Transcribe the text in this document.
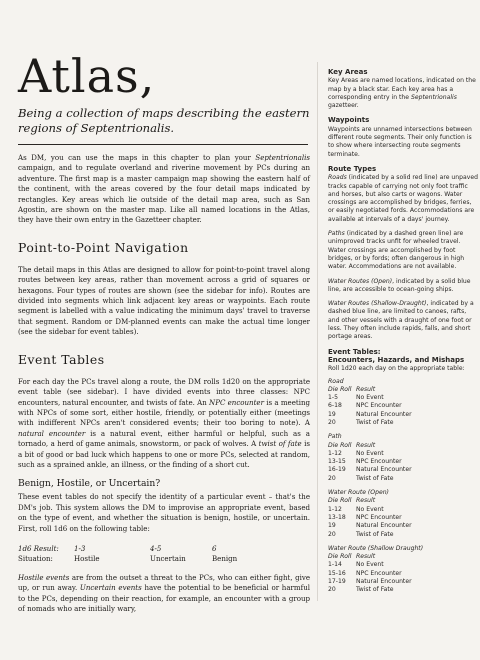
Atlas,
Being a collection of maps describing the eastern regions of Septentrionalis.

As DM, you can use the maps in this chapter to plan your Septentrionalis campaign, and to regulate overland and riverine movement by PCs during an adventure. The first map is a master campaign map showing the eastern half of the continent, with the areas covered by the four detail maps indicated by rectangles. Key areas which lie outside of the detail map area, such as San Agostin, are shown on the master map. Like all named locations in the Atlas, they have their own entry in the Gazetteer chapter.

Point-to-Point Navigation

The detail maps in this Atlas are designed to allow for point-to-point travel along routes between key areas, rather than movement across a grid of squares or hexagons. Four types of routes are shown (see the sidebar for info). Routes are divided into segments which link adjacent key areas or waypoints. Each route segment is labelled with a value indicating the minimum days' travel to traverse that segment. Random or DM-planned events can make the actual time longer (see the sidebar for event tables).

Event Tables

For each day the PCs travel along a route, the DM rolls 1d20 on the appropriate event table (see sidebar). I have divided events into three classes: NPC encounters, natural encounter, and twists of fate. An NPC encounter is a meeting with NPCs of some sort, either hostile, friendly, or potentially either (meetings with indifferent NPCs aren't considered events; their too boring to note). A natural encounter is a natural event, either harmful or helpful, such as a tornado, a herd of game animals, snowstorm, or pack of wolves. A twist of fate is a bit of good or bad luck which happens to one or more PCs, selected at random, such as a sprained ankle, an illness, or the finding of a short cut.

Benign, Hostile, or Uncertain?

These event tables do not specify the identity of a particular event – that's the DM's job. This system allows the DM to improvise an appropriate event, based on the type of event, and whether the situation is benign, hostile, or uncertain. First, roll 1d6 on the following table:

1d6 Result:	1-3	4-5	6
Situation:	Hostile	Uncertain	Benign

Hostile events are from the outset a threat to the PCs, who can either fight, give up, or run away. Uncertain events have the potential to be beneficial or harmful to the PCs, depending on their reaction, for example, an encounter with a group of nomads who are initially wary,

Key Areas

Key Areas are named locations, indicated on the map by a black star. Each key area has a corresponding entry in the Septentrionalis gazetteer.

Waypoints

Waypoints are unnamed intersections between different route segments. Their only function is to show where intersecting route segments terminate.

Route Types

Roads (indicated by a solid red line) are unpaved tracks capable of carrying not only foot traffic and horses, but also carts or wagons. Water crossings are accomplished by bridges, ferries, or easily negotiated fords. Accommodations are available at intervals of a days' journey.

Paths (indicated by a dashed green line) are unimproved tracks unfit for wheeled travel. Water crossings are accomplished by foot bridges, or by fords; often dangerous in high water. Accommodations are not available.

Water Routes (Open), indicated by a solid blue line, are accessible to ocean-going ships.

Water Routes (Shallow-Draught), indicated by a dashed blue line, are limited to canoes, rafts, and other vessels with a draught of one foot or less. They often include rapids, falls, and short portage areas.

Event Tables:
Encounters, Hazards, and Mishaps
Roll 1d20 each day on the appropriate table:
Road
Die Roll Result
1-5	No Event
6-18	NPC Encounter
19	Natural Encounter
20	Twist of Fate
Path
Die Roll Result
1-12	No Event
13-15	NPC Encounter
16-19	Natural Encounter
20	Twist of Fate
Water Route (Open)
Die Roll Result
1-12	No Event
13-18	NPC Encounter
19	Natural Encounter
20	Twist of Fate
Water Route (Shallow Draught)
Die Roll Result
1-14	No Event
15-16	NPC Encounter
17-19	Natural Encounter
20	Twist of Fate
